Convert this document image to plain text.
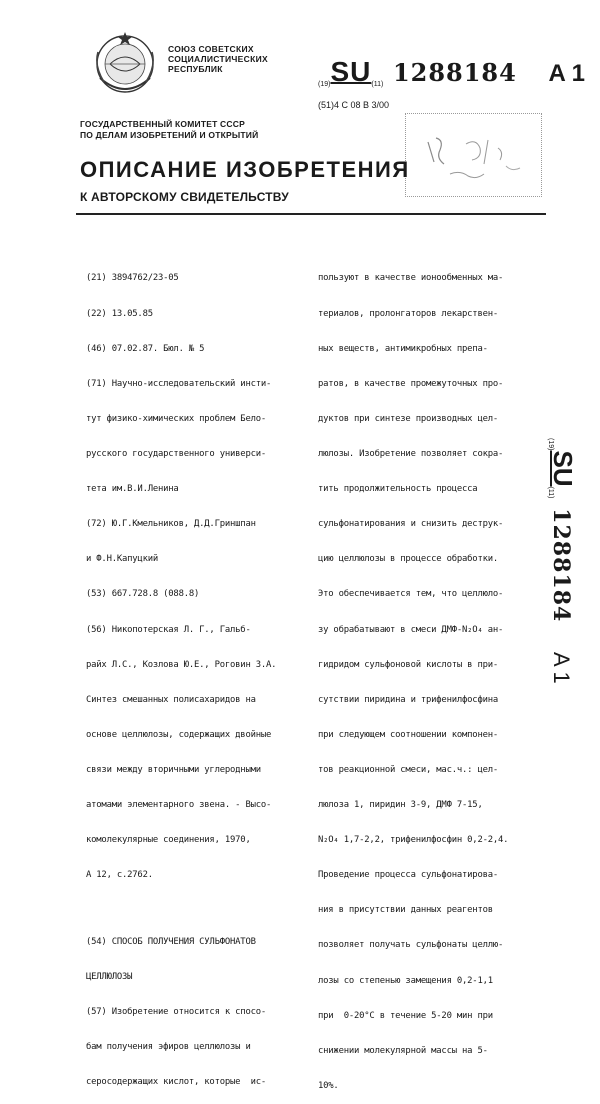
СОЮЗ СОВЕТСКИХ
СОЦИАЛИСТИЧЕСКИХ
РЕСПУБЛИК
(19)SU(11) 1288184 A 1
(51)4 С 08 В 3/00
ГОСУДАРСТВЕННЫЙ КОМИТЕТ СССР
ПО ДЕЛАМ ИЗОБРЕТЕНИЙ И ОТКРЫТИЙ
ОПИСАНИЕ ИЗОБРЕТЕНИЯ
К АВТОРСКОМУ СВИДЕТЕЛЬСТВУ

(21) 3894762/23-05

(22) 13.05.85

(46) 07.02.87. Бюл. № 5

(71) Научно-исследовательский инсти-

тут физико-химических проблем Бело-

русского государственного универси-

тета им.В.И.Ленина

(72) Ю.Г.Кмельников, Д.Д.Гриншпан

и Ф.Н.Капуцкий

(53) 667.728.8 (088.8)

(56) Никопотерская Л. Г., Гальб-

райх Л.С., Козлова Ю.Е., Роговин З.А.

Синтез смешанных полисахаридов на

основе целлюлозы, содержащих двойные

связи между вторичными углеродными

атомами элементарного звена. - Высо-

комолекулярные соединения, 1970,

А 12, с.2762.

(54) СПОСОБ ПОЛУЧЕНИЯ СУЛЬФОНАТОВ

ЦЕЛЛЮЛОЗЫ

(57) Изобретение относится к спосо-

бам получения эфиров целлюлозы и

серосодержащих кислот, которые  ис-

пользуют в качестве ионообменных ма-

териалов, пролонгаторов лекарствен-

ных веществ, антимикробных препа-

ратов, в качестве промежуточных про-

дуктов при синтезе производных цел-

люлозы. Изобретение позволяет сокра-

тить продолжительность процесса

сульфонатирования и снизить деструк-

цию целлюлозы в процессе обработки.

Это обеспечивается тем, что целлюло-

зу обрабатывают в смеси ДМФ-N₂O₄ ан-

гидридом сульфоновой кислоты в при-

сутствии пиридина и трифенилфосфина

при следующем соотношении компонен-

тов реакционной смеси, мас.ч.: цел-

люлоза 1, пиридин 3-9, ДМФ 7-15,

N₂O₄ 1,7-2,2, трифенилфосфин 0,2-2,4.

Проведение процесса сульфонатирова-

ния в присутствии данных реагентов

позволяет получать сульфонаты целлю-

лозы со степенью замещения 0,2-1,1

при  0-20°С в течение 5-20 мин при

снижении молекулярной массы на 5-

10%.

(19)SU(11) 1288184 A 1
